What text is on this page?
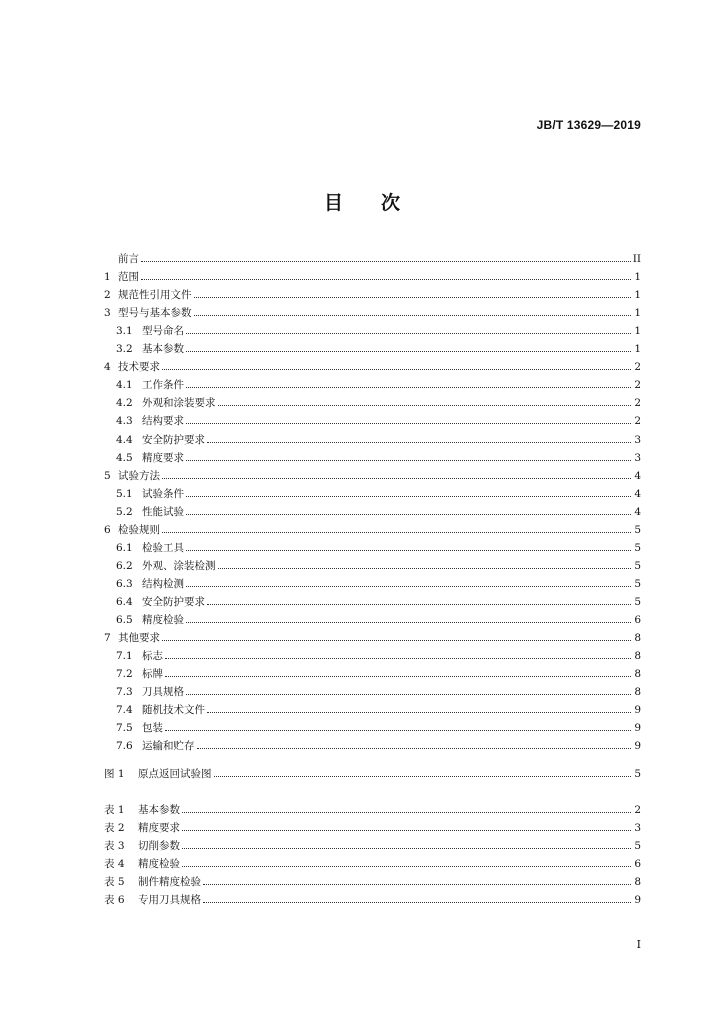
JB/T 13629—2019
目 次
前言	II
1 范围	1
2 规范性引用文件	1
3 型号与基本参数	1
3.1 型号命名	1
3.2 基本参数	1
4 技术要求	2
4.1 工作条件	2
4.2 外观和涂装要求	2
4.3 结构要求	2
4.4 安全防护要求	3
4.5 精度要求	3
5 试验方法	4
5.1 试验条件	4
5.2 性能试验	4
6 检验规则	5
6.1 检验工具	5
6.2 外观、涂装检测	5
6.3 结构检测	5
6.4 安全防护要求	5
6.5 精度检验	6
7 其他要求	8
7.1 标志	8
7.2 标牌	8
7.3 刀具规格	8
7.4 随机技术文件	9
7.5 包装	9
7.6 运输和贮存	9
图 1	原点返回试验图	5
表 1	基本参数	2
表 2	精度要求	3
表 3	切削参数	5
表 4	精度检验	6
表 5	制件精度检验	8
表 6	专用刀具规格	9
I
